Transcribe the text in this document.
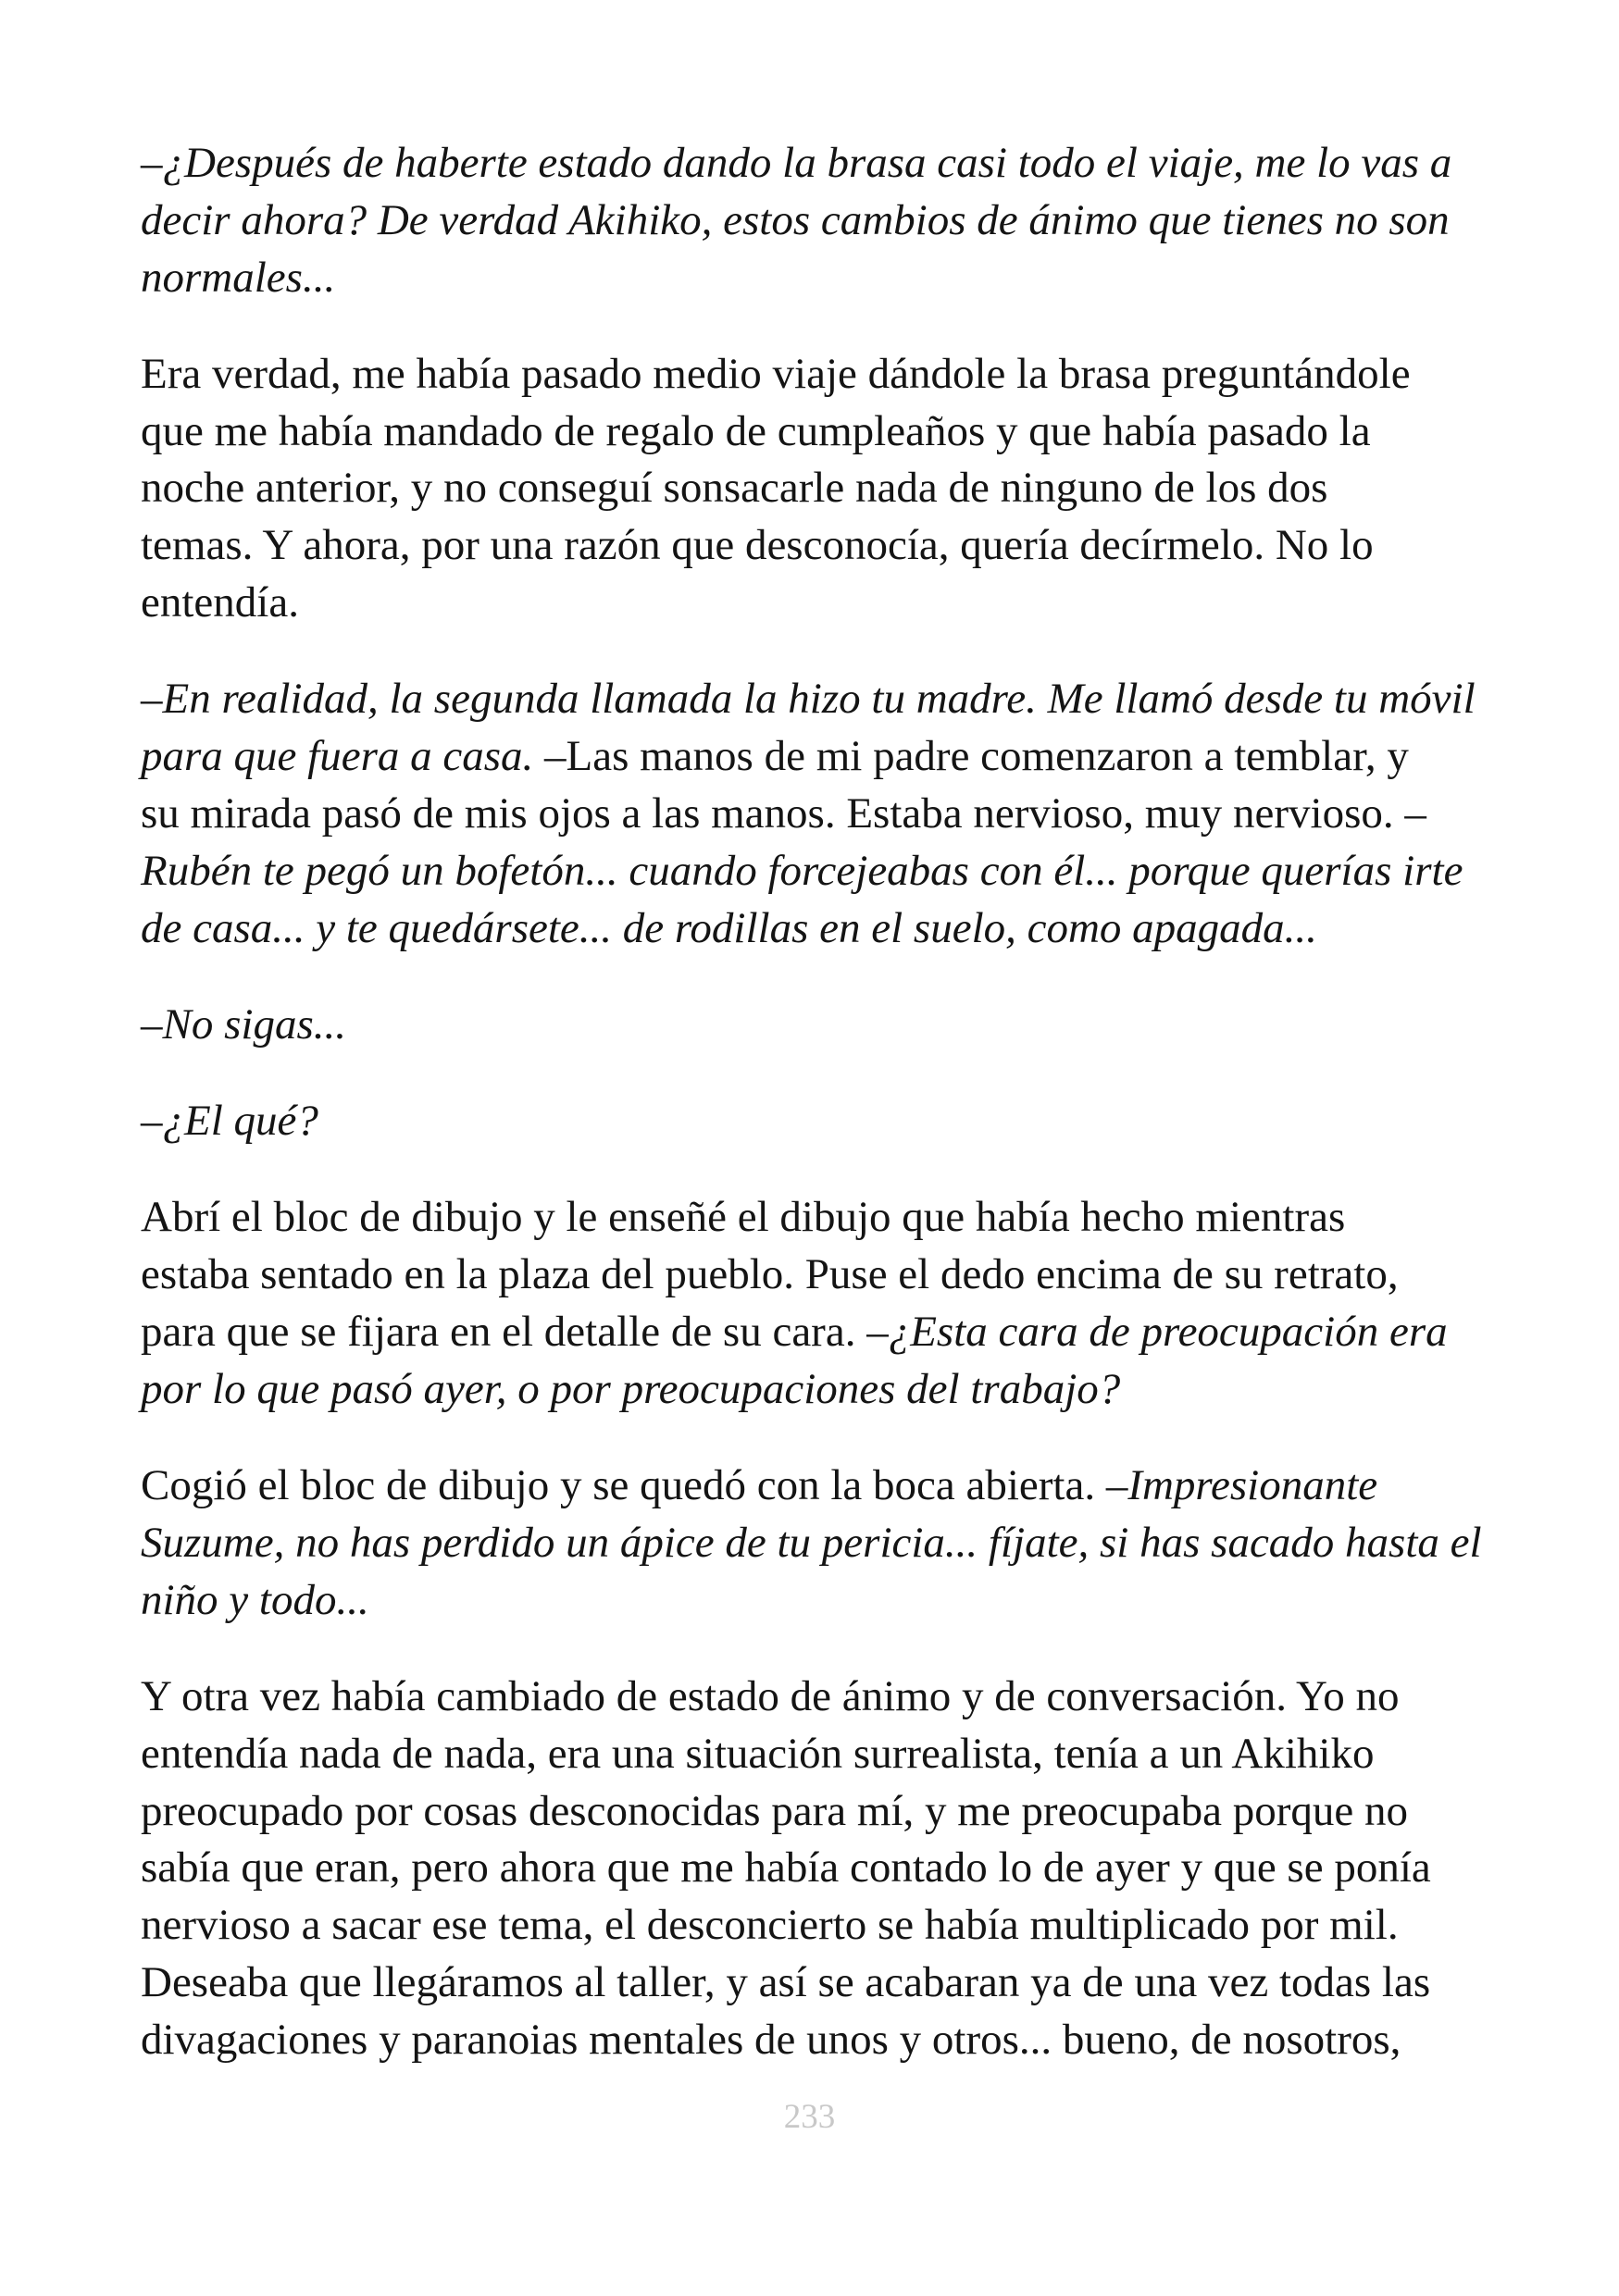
–¿Después de haberte estado dando la brasa casi todo el viaje, me lo vas a
decir ahora? De verdad Akihiko, estos cambios de ánimo que tienes no son
normales...
Era verdad, me había pasado medio viaje dándole la brasa preguntándole
que me había mandado de regalo de cumpleaños y que había pasado la
noche anterior, y no conseguí sonsacarle nada de ninguno de los dos
temas. Y ahora, por una razón que desconocía, quería decírmelo. No lo
entendía.
–En realidad, la segunda llamada la hizo tu madre. Me llamó desde tu móvil
para que fuera a casa. –Las manos de mi padre comenzaron a temblar, y
su mirada pasó de mis ojos a las manos. Estaba nervioso, muy nervioso. –
Rubén te pegó un bofetón... cuando forcejeabas con él... porque querías irte
de casa... y te quedársete... de rodillas en el suelo, como apagada...
–No sigas...
–¿El qué?
Abrí el bloc de dibujo y le enseñé el dibujo que había hecho mientras
estaba sentado en la plaza del pueblo. Puse el dedo encima de su retrato,
para que se fijara en el detalle de su cara. –¿Esta cara de preocupación era
por lo que pasó ayer, o por preocupaciones del trabajo?
Cogió el bloc de dibujo y se quedó con la boca abierta. –Impresionante
Suzume, no has perdido un ápice de tu pericia... fíjate, si has sacado hasta el
niño y todo...
Y otra vez había cambiado de estado de ánimo y de conversación. Yo no
entendía nada de nada, era una situación surrealista, tenía a un Akihiko
preocupado por cosas desconocidas para mí, y me preocupaba porque no
sabía que eran, pero ahora que me había contado lo de ayer y que se ponía
nervioso a sacar ese tema, el desconcierto se había multiplicado por mil.
Deseaba que llegáramos al taller, y así se acabaran ya de una vez todas las
divagaciones y paranoias mentales de unos y otros... bueno, de nosotros,
233
